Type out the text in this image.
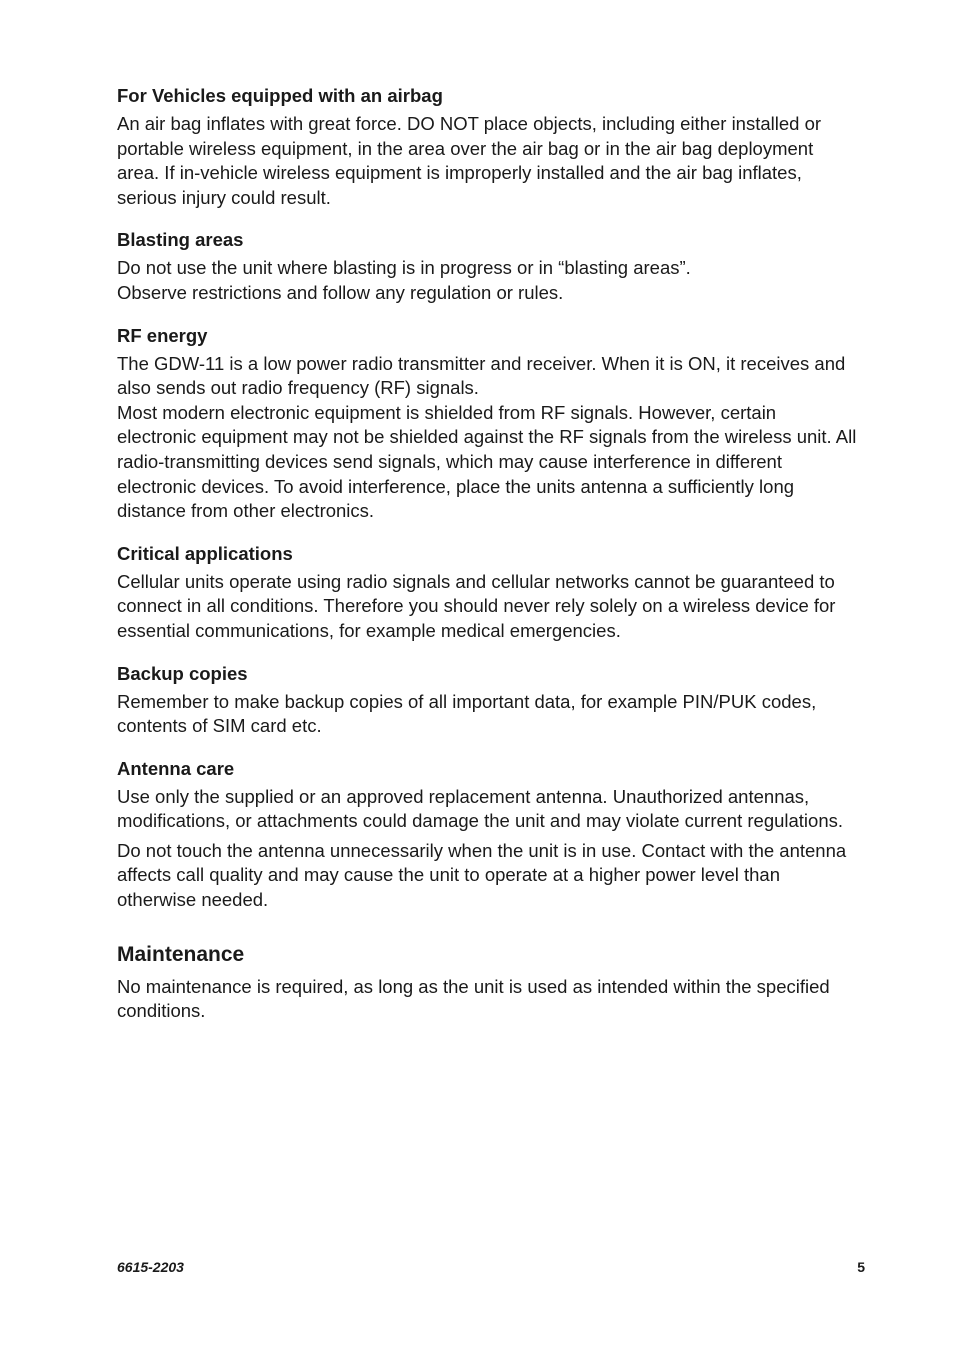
For Vehicles equipped with an airbag

An air bag inflates with great force. DO NOT place objects, including either installed or portable wireless equipment, in the area over the air bag or in the air bag deployment area. If in-vehicle wireless equipment is improperly installed and the air bag inflates, serious injury could result.

Blasting areas

Do not use the unit where blasting is in progress or in “blasting areas”.

Observe restrictions and follow any regulation or rules.

RF energy

The GDW-11 is a low power radio transmitter and receiver. When it is ON, it receives and also sends out radio frequency (RF) signals.

Most modern electronic equipment is shielded from RF signals. However, certain electronic equipment may not be shielded against the RF signals from the wireless unit. All radio-transmitting devices send signals, which may cause interference in different electronic devices. To avoid interference, place the units antenna a sufficiently long distance from other electronics.

Critical applications

Cellular units operate using radio signals and cellular networks cannot be guaranteed to connect in all conditions. Therefore you should never rely solely on a wireless device for essential communications, for example medical emergencies.

Backup copies

Remember to make backup copies of all important data, for example PIN/PUK codes, contents of SIM card etc.

Antenna care

Use only the supplied or an approved replacement antenna. Unauthorized antennas, modifications, or attachments could damage the unit and may violate current regulations.

Do not touch the antenna unnecessarily when the unit is in use. Contact with the antenna affects call quality and may cause the unit to operate at a higher power level than otherwise needed.

Maintenance

No maintenance is required, as long as the unit is used as intended within the specified conditions.

6615-2203	5
